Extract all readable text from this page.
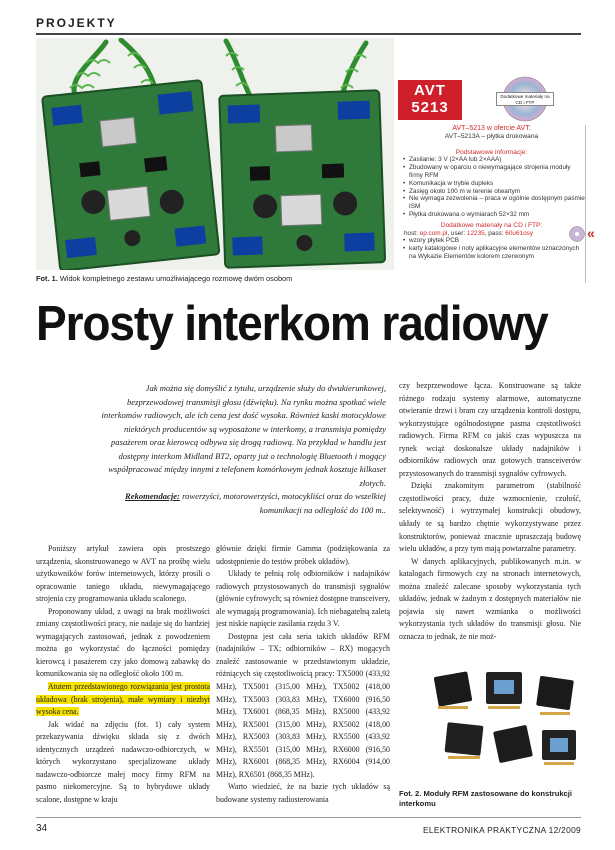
PROJEKTY
Fot. 1. Widok kompletnego zestawu umożliwiającego rozmowę dwóm osobom
AVT
5213
Dodatkowe materiały na CD i FTP
AVT–5213 w ofercie AVT:
AVT–5213A – płytka drukowana
Podstawowe informacje:
• Zasilanie: 3 V (2×AA lub 2×AAA)
• Zbudowany w oparciu o niewymagające strojenia moduły firmy RFM
• Komunikacja w trybie dupleks
• Zasięg około 100 m w terenie otwartym
• Nie wymaga zezwolenia – praca w ogólnie dostępnym paśmie ISM
• Płytka drukowana o wymiarach 52×32 mm
Dodatkowe materiały na CD i FTP:
host: ep.com.pl, user: 12235, pass: 60u61osy
• wzory płytek PCB
• karty katalogowe i noty aplikacyjne elementów oznaczonych na Wykazie Elementów kolorem czerwonym
«
Prosty interkom radiowy
Jak można się domyślić z tytułu, urządzenie służy do dwukierunkowej, bezprzewodowej transmisji głosu (dźwięku). Na rynku można spotkać wiele interkomów radiowych, ale ich cena jest dość wysoka. Również kaski motocyklowe niektórych producentów są wyposażone w interkomy, a transmisja pomiędzy pasażerem oraz kierowcą odbywa się drogą radiową. Na przykład w handlu jest dostępny interkom Midland BT2, oparty już o technologię Bluetooth i mogący współpracować między innymi z telefonem komórkowym jednak kosztuje kilkaset złotych.
Rekomendacje: rowerzyści, motorowerzyści, motocykliści oraz do wszelkiej komunikacji na odległość do 100 m..

Poniższy artykuł zawiera opis prostszego urządzenia, skonstruowanego w AVT na prośbę wielu użytkowników forów internetowych, którzy prosili o opracowanie taniego układu, niewymagającego strojenia czy programowania układu scalonego.

Proponowany układ, z uwagi na brak możliwości zmiany częstotliwości pracy, nie nadaje się do bardziej wymagających zastosowań, jednak z powodzeniem można go wykorzystać do łączności pomiędzy kierowcą i pasażerem czy jako domową zabawkę do komunikowania się na odległość około 100 m.

Atutem przedstawionego rozwiązania jest prostota układowa (brak strojenia), małe wymiary i niezbyt wysoka cena.

Jak widać na zdjęciu (fot. 1) cały system przekazywania dźwięku składa się z dwóch identycznych urządzeń nadawczo-odbiorczych, w których wykorzystano specjalizowane układy nadawczo-odbiorcze małej mocy firmy RFM na pasmo niekomercyjne. Są to hybrydowe układy scalone, dostępne w kraju

głównie dzięki firmie Gamma (podziękowania za udostępnienie do testów próbek układów).

Układy te pełnią rolę odbiorników i nadajników radiowych przystosowanych do transmisji sygnałów (głównie cyfrowych; są również dostępne transceivery, ale wymagają programowania). Ich niebagatelną zaletą jest niskie napięcie zasilania rzędu 3 V.

Dostępna jest cała seria takich układów RFM (nadajników – TX; odbiorników – RX) mogących znaleźć zastosowanie w przedstawionym układzie, różniących się częstotliwością pracy: TX5000 (433,92 MHz), TX5001 (315,00 MHz), TX5002 (418,00 MHz), TX5003 (303,83 MHz), TX6000 (916,50 MHz), TX6001 (868,35 MHz), RX5000 (433,92 MHz), RX5001 (315,00 MHz), RX5002 (418,00 MHz), RX5003 (303,83 MHz), RX5500 (433,92 MHz), RX5501 (315,00 MHz), RX6000 (916,50 MHz), RX6001 (868,35 MHz), RX6004 (914,00 MHz), RX6501 (868,35 MHz).

Warto wiedzieć, że na bazie tych układów są budowane systemy radiosterowania

czy bezprzewodowe łącza. Konstruowane są także różnego rodzaju systemy alarmowe, automatyczne otwieranie drzwi i bram czy urządzenia kontroli dostępu, wykorzystujące ogólnodostępne pasma częstotliwości radiowych. Firma RFM co jakiś czas wypuszcza na rynek wciąż doskonalsze układy nadajników i odbiorników radiowych oraz gotowych transceiverów przystosowanych do transmisji sygnałów cyfrowych.

Dzięki znakomitym parametrom (stabilność częstotliwości pracy, duże wzmocnienie, czułość, selektywność) i wytrzymałej konstrukcji obudowy, układy te są bardzo chętnie wykorzystywane przez konstruktorów, ponieważ znacznie upraszczają budowę wielu układów, a przy tym mają powtarzalne parametry.

W danych aplikacyjnych, publikowanych m.in. w katalogach firmowych czy na stronach internetowych, można znaleźć zalecane sposoby wykorzystania tych układów, jednak w żadnym z dostępnych materiałów nie pojawia się nawet wzmianka o możliwości wykorzystania tych układów do transmisji głosu. Nie oznacza to jednak, że nie moż-

Fot. 2. Moduły RFM zastosowane do konstrukcji interkomu
34	ELEKTRONIKA PRAKTYCZNA 12/2009
